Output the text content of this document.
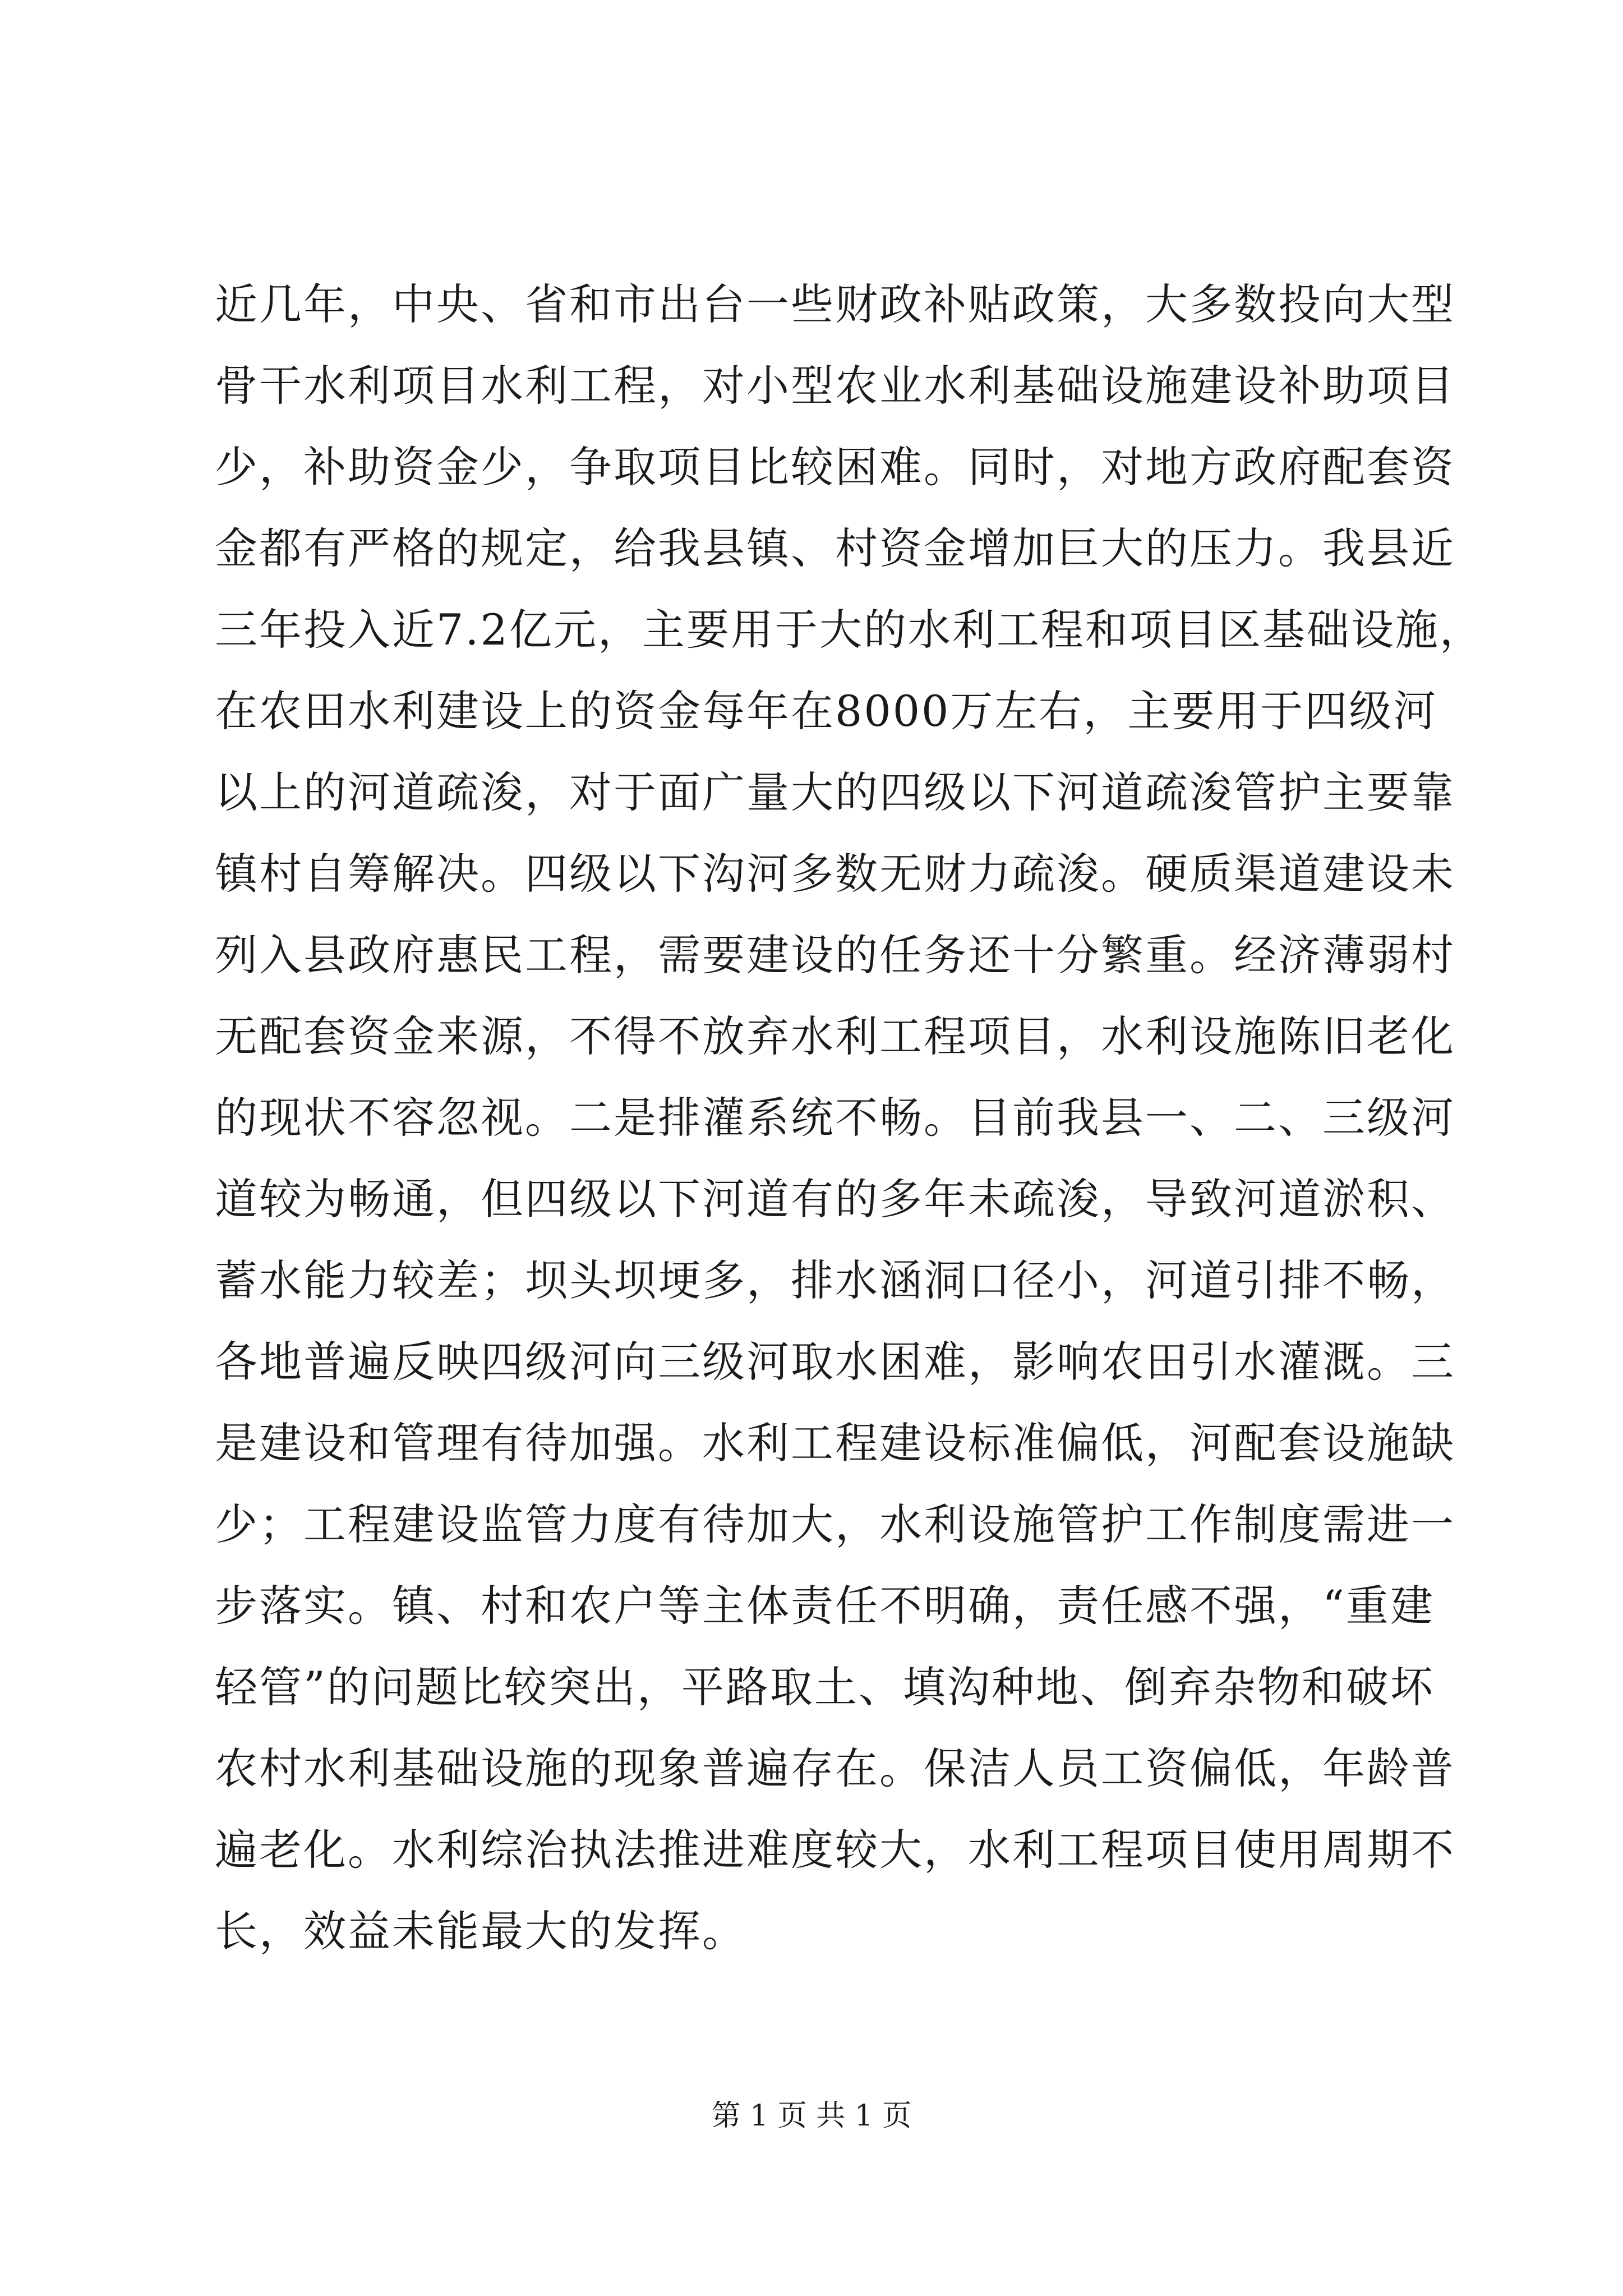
近几年，中央、省和市出台一些财政补贴政策，大多数投向大型
骨干水利项目水利工程，对小型农业水利基础设施建设补助项目
少，补助资金少，争取项目比较困难。同时，对地方政府配套资
金都有严格的规定，给我县镇、村资金增加巨大的压力。我县近
三年投入近7.2亿元，主要用于大的水利工程和项目区基础设施，
在农田水利建设上的资金每年在8000万左右，主要用于四级河
以上的河道疏浚，对于面广量大的四级以下河道疏浚管护主要靠
镇村自筹解决。四级以下沟河多数无财力疏浚。硬质渠道建设未
列入县政府惠民工程，需要建设的任务还十分繁重。经济薄弱村
无配套资金来源，不得不放弃水利工程项目，水利设施陈旧老化
的现状不容忽视。二是排灌系统不畅。目前我县一、二、三级河
道较为畅通，但四级以下河道有的多年未疏浚，导致河道淤积、
蓄水能力较差；坝头坝埂多，排水涵洞口径小，河道引排不畅，
各地普遍反映四级河向三级河取水困难，影响农田引水灌溉。三
是建设和管理有待加强。水利工程建设标准偏低，河配套设施缺
少；工程建设监管力度有待加大，水利设施管护工作制度需进一
步落实。镇、村和农户等主体责任不明确，责任感不强，“重建
轻管”的问题比较突出，平路取土、填沟种地、倒弃杂物和破坏
农村水利基础设施的现象普遍存在。保洁人员工资偏低，年龄普
遍老化。水利综治执法推进难度较大，水利工程项目使用周期不
长，效益未能最大的发挥。
第 1 页 共 1 页
